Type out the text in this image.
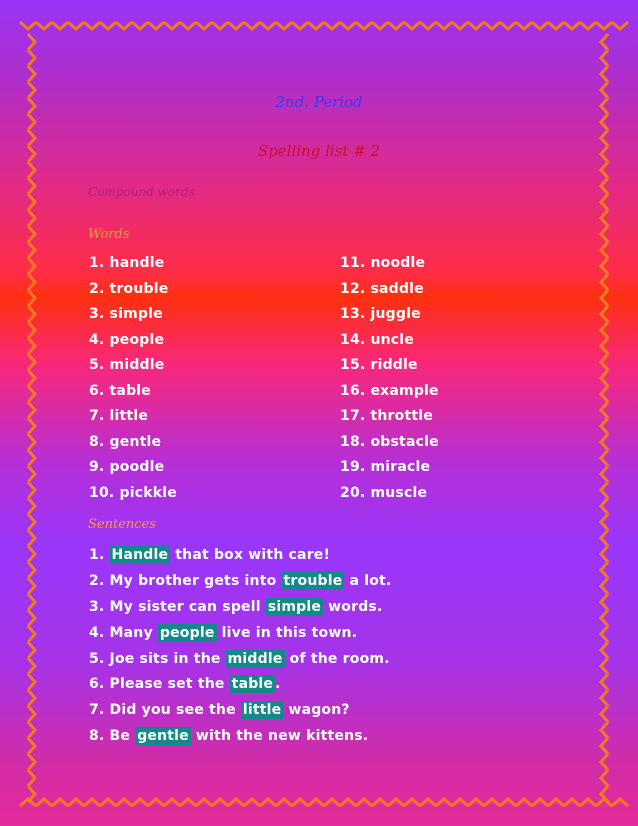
2nd. Period

Spelling list # 2

Compound words

Words

1. handle

2. trouble

3. simple

4. people

5. middle

6. table

7. little

8. gentle

9. poodle

10. pickkle

11. noodle

12. saddle

13. juggle

14. uncle

15. riddle

16. example

17. throttle

18. obstacle

19. miracle

20. muscle

Sentences

1. Handle that box with care!

2. My brother gets into trouble a lot.

3. My sister can spell simple words.

4. Many people live in this town.

5. Joe sits in the middle of the room.

6. Please set the table .

7. Did you see the little wagon?

8. Be gentle with the new kittens.
